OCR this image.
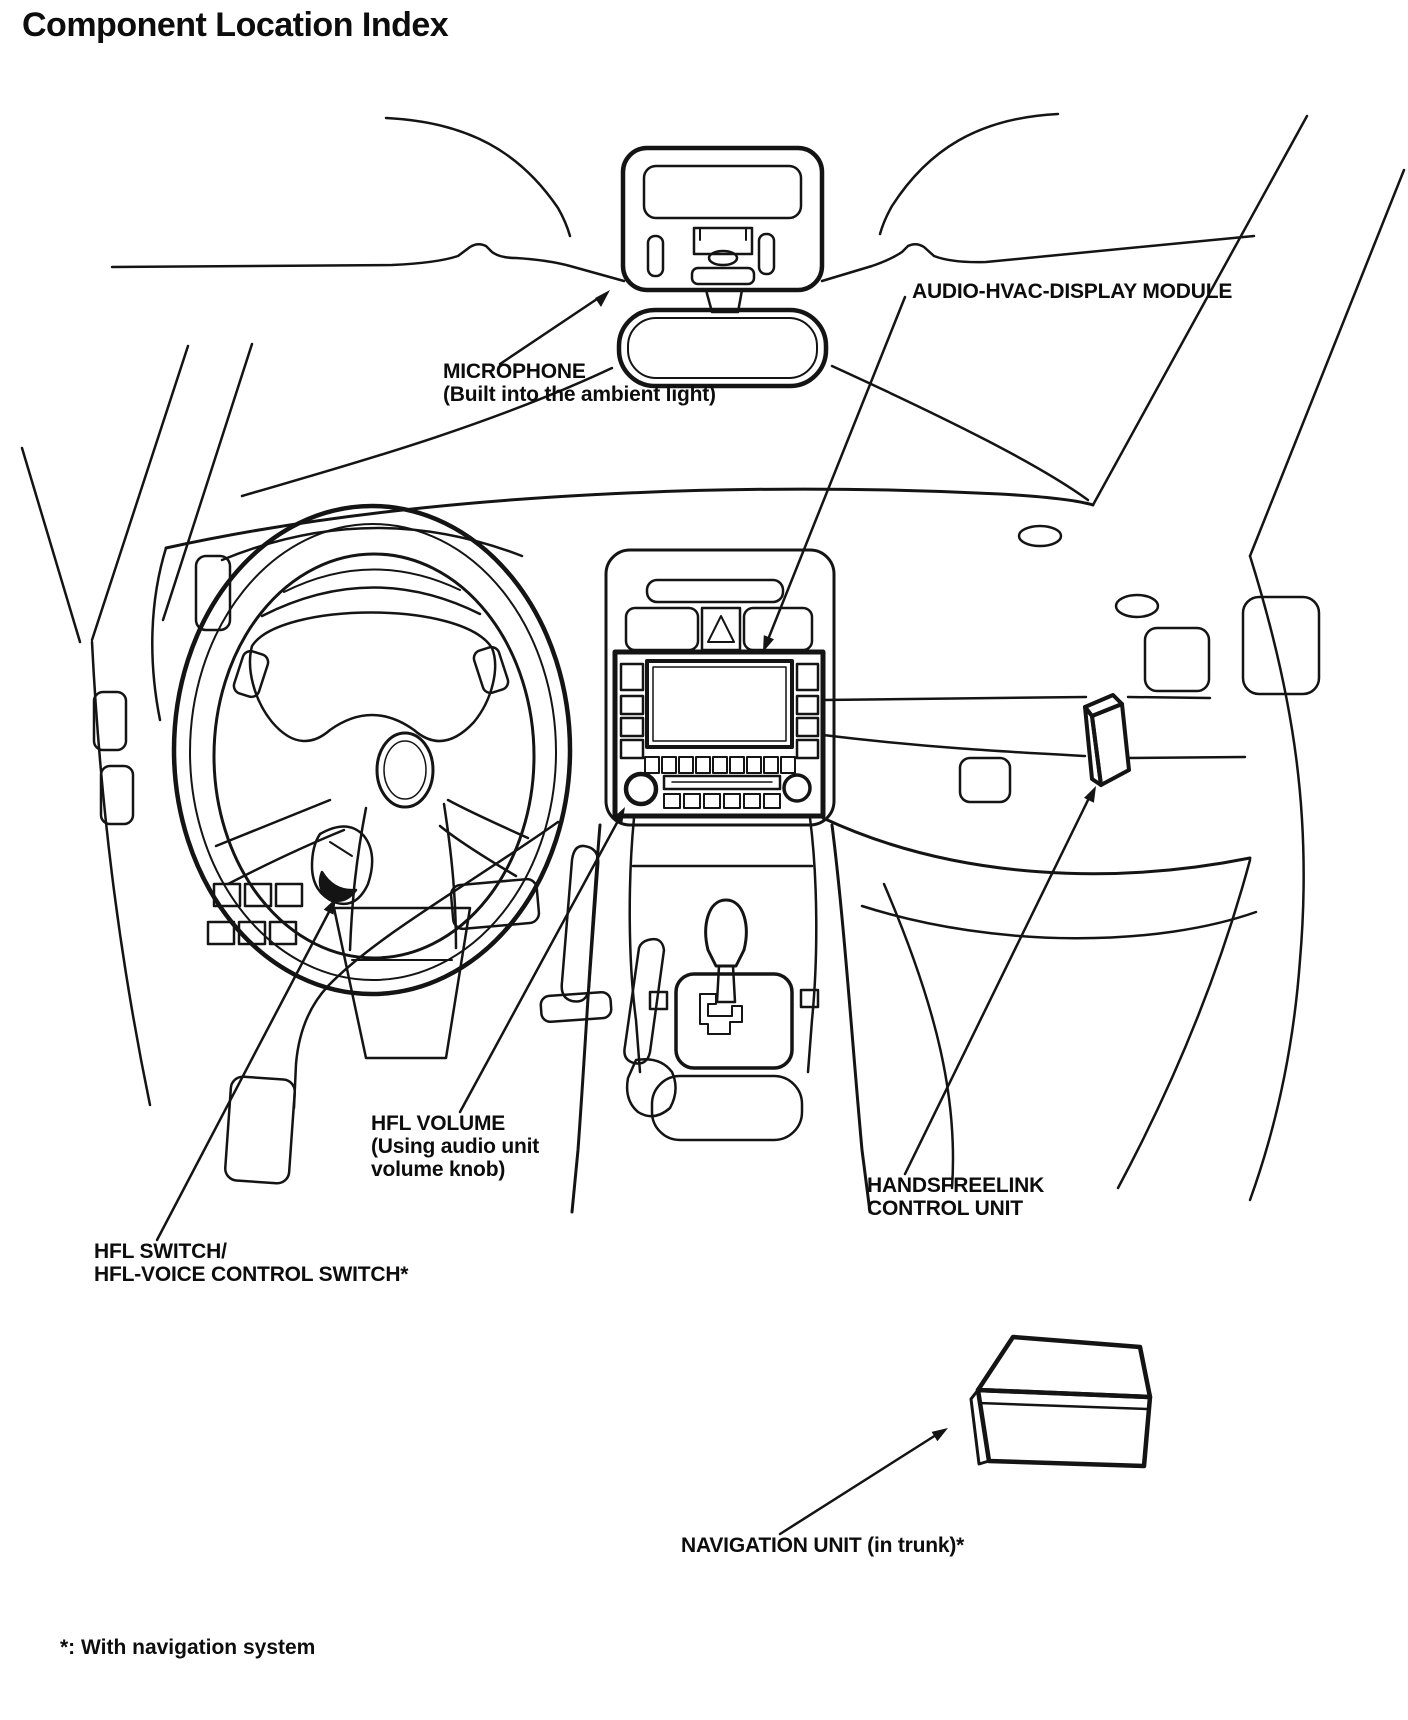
Component Location Index
MICROPHONE
(Built into the ambient light)
AUDIO-HVAC-DISPLAY MODULE
HFL VOLUME
(Using audio unit
volume knob)
HFL SWITCH/
HFL-VOICE CONTROL SWITCH*
HANDSFREELINK
CONTROL UNIT
NAVIGATION UNIT (in trunk)*
*: With navigation system
